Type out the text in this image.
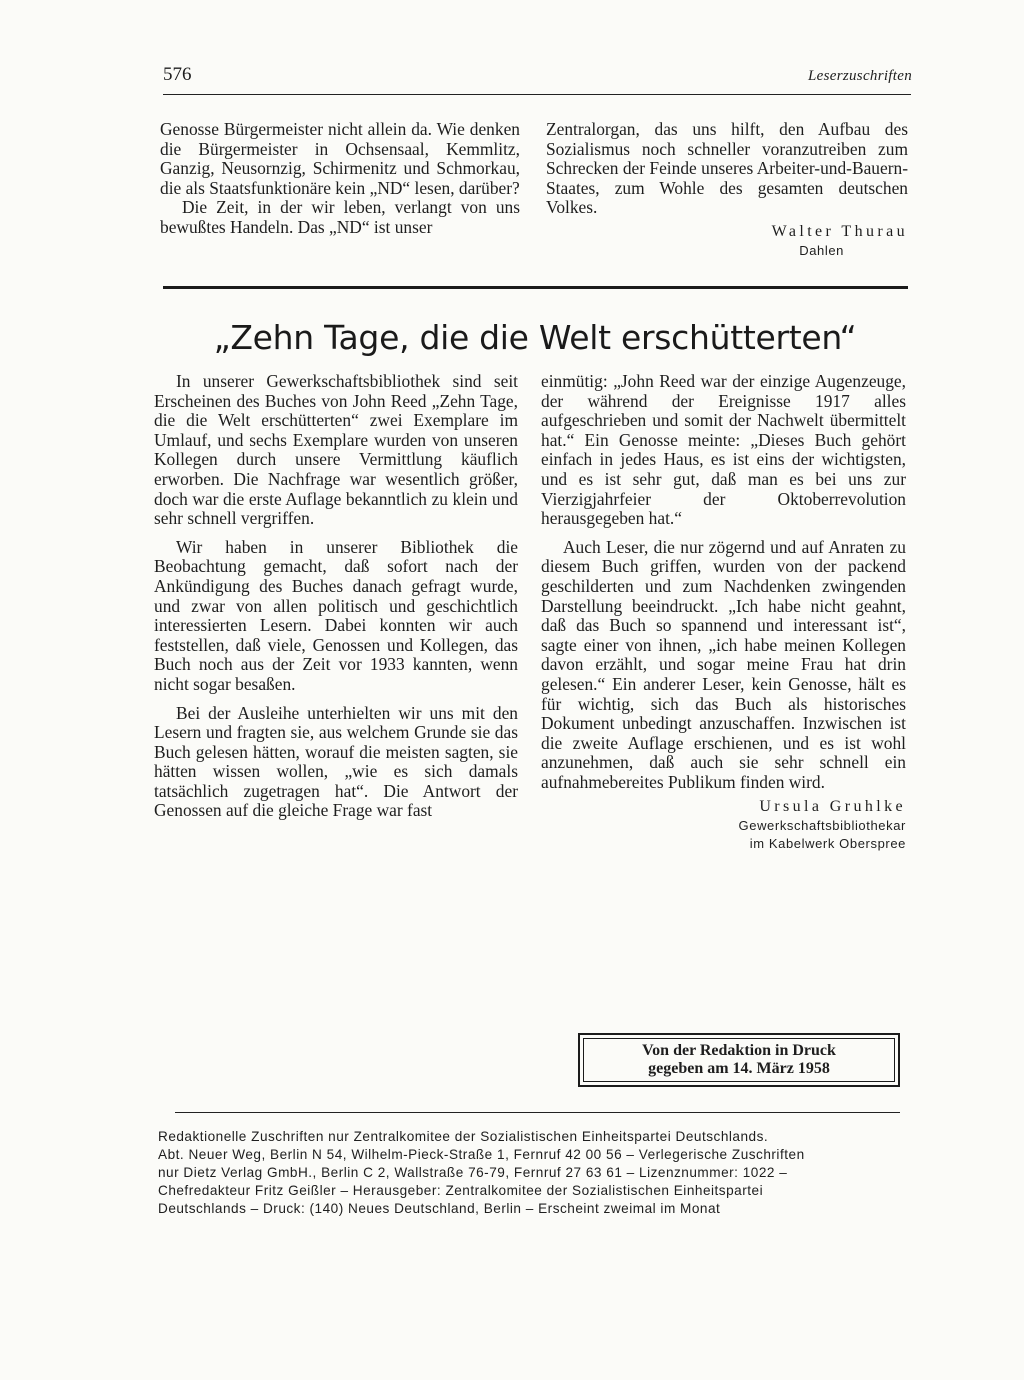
576	Leserzuschriften

Genosse Bürgermeister nicht allein da. Wie denken die Bürgermeister in Ochsensaal, Kemmlitz, Ganzig, Neusornzig, Schirmenitz und Schmorkau, die als Staatsfunktionäre kein „ND“ lesen, darüber?

Die Zeit, in der wir leben, verlangt von uns bewußtes Handeln. Das „ND“ ist unser

Zentralorgan, das uns hilft, den Aufbau des Sozialismus noch schneller voranzutreiben zum Schrecken der Feinde unseres Arbeiter-und-Bauern-Staates, zum Wohle des gesamten deutschen Volkes.

Walter Thurau
Dahlen
„Zehn Tage, die die Welt erschütterten“

In unserer Gewerkschaftsbibliothek sind seit Erscheinen des Buches von John Reed „Zehn Tage, die die Welt erschütterten“ zwei Exemplare im Umlauf, und sechs Exemplare wurden von unseren Kollegen durch unsere Vermittlung käuflich erworben. Die Nachfrage war wesentlich größer, doch war die erste Auflage bekanntlich zu klein und sehr schnell vergriffen.

Wir haben in unserer Bibliothek die Beobachtung gemacht, daß sofort nach der Ankündigung des Buches danach gefragt wurde, und zwar von allen politisch und geschichtlich interessierten Lesern. Dabei konnten wir auch feststellen, daß viele, Genossen und Kollegen, das Buch noch aus der Zeit vor 1933 kannten, wenn nicht sogar besaßen.

Bei der Ausleihe unterhielten wir uns mit den Lesern und fragten sie, aus welchem Grunde sie das Buch gelesen hätten, worauf die meisten sagten, sie hätten wissen wollen, „wie es sich damals tatsächlich zugetragen hat“. Die Antwort der Genossen auf die gleiche Frage war fast

einmütig: „John Reed war der einzige Augenzeuge, der während der Ereignisse 1917 alles aufgeschrieben und somit der Nachwelt übermittelt hat.“ Ein Genosse meinte: „Dieses Buch gehört einfach in jedes Haus, es ist eins der wichtigsten, und es ist sehr gut, daß man es bei uns zur Vierzigjahrfeier der Oktoberrevolution herausgegeben hat.“

Auch Leser, die nur zögernd und auf Anraten zu diesem Buch griffen, wurden von der packend geschilderten und zum Nachdenken zwingenden Darstellung beeindruckt. „Ich habe nicht geahnt, daß das Buch so spannend und interessant ist“, sagte einer von ihnen, „ich habe meinen Kollegen davon erzählt, und sogar meine Frau hat drin gelesen.“ Ein anderer Leser, kein Genosse, hält es für wichtig, sich das Buch als historisches Dokument unbedingt anzuschaffen. Inzwischen ist die zweite Auflage erschienen, und es ist wohl anzunehmen, daß auch sie sehr schnell ein aufnahmebereites Publikum finden wird.

Ursula Gruhlke
Gewerkschaftsbibliothekar
im Kabelwerk Oberspree
Von der Redaktion in Druck
gegeben am 14. März 1958
Redaktionelle Zuschriften nur Zentralkomitee der Sozialistischen Einheitspartei Deutschlands.
Abt. Neuer Weg, Berlin N 54, Wilhelm-Pieck-Straße 1, Fernruf 42 00 56 – Verlegerische Zuschriften
nur Dietz Verlag GmbH., Berlin C 2, Wallstraße 76-79, Fernruf 27 63 61 – Lizenznummer: 1022 –
Chefredakteur Fritz Geißler – Herausgeber: Zentralkomitee der Sozialistischen Einheitspartei
Deutschlands – Druck: (140) Neues Deutschland, Berlin – Erscheint zweimal im Monat
